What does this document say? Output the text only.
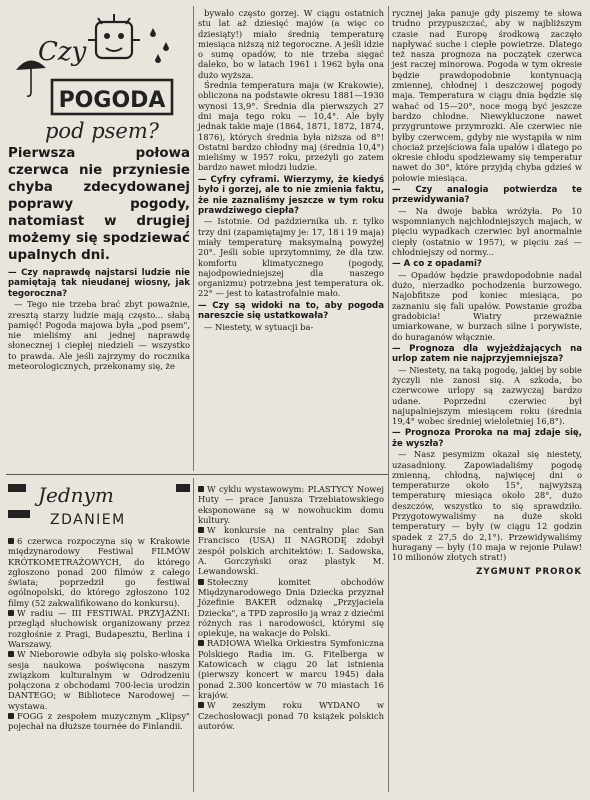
Czy
POGODA
pod psem?
Pierwsza połowa czerwca nie przyniesie chyba zdecydowanej poprawy pogody, natomiast w drugiej możemy się spodziewać upalnych dni.

— Czy naprawdę najstarsi ludzie nie pamiętają tak nieudanej wiosny, jak tegoroczna?

— Tego nie trzeba brać zbyt poważnie, zresztą starzy ludzie mają często... słabą pamięć! Pogoda majowa była „pod psem", nie mieliśmy ani jednej naprawdę słonecznej i ciepłej niedzieli — wszystko to prawda. Ale jeśli zajrzymy do rocznika meteorologicznych, przekonamy się, że

bywało często gorzej. W ciągu ostatnich stu lat aż dziesięć majów (a więc co dziesiąty!) miało średnią temperaturę miesiąca niższą niż tegoroczne. A jeśli idzie o sumę opadów, to nie trzeba sięgać daleko, bo w latach 1961 i 1962 była ona dużo wyższa.

Średnia temperatura maja (w Krakowie), obliczona na podstawie okresu 1881—1930 wynosi 13,9°. Średnia dla pierwszych 27 dni maja tego roku — 10,4°. Ale były jednak takie maje (1864, 1871, 1872, 1874, 1876), których średnia była niższa od 8°! Ostatni bardzo chłodny maj (średnia 10,4°) mieliśmy w 1957 roku, przeżyli go zatem bardzo nawet młodzi ludzie.

— Cyfry cyframi. Wierzymy, że kiedyś było i gorzej, ale to nie zmienia faktu, że nie zaznaliśmy jeszcze w tym roku prawdziwego ciepła?

— Istotnie. Od października ub. r. tylko trzy dni (zapamiętajmy je: 17, 18 i 19 maja) miały temperaturę maksymalną powyżej 20°. Jeśli sobie uprzytomnimy, że dla tzw. komfortu klimatycznego (pogody, najodpowiedniejszej dla naszego organizmu) potrzebna jest temperatura ok. 22° — jest to katastrofalnie mało.

— Czy są widoki na to, aby pogoda nareszcie się ustatkowała?

— Niestety, w sytuacji ba-

rycznej jaka panuje gdy piszemy te słowa trudno przypuszczać, aby w najbliższym czasie nad Europę środkową zaczęło napływać suche i ciepłe powietrze. Dlatego też nasza prognoza na początek czerwca jest raczej minorowa. Pogoda w tym okresie będzie prawdopodobnie kontynuacją zmiennej, chłodnej i deszczowej pogody maja. Temperatura w ciągu dnia będzie się wahać od 15—20°, noce mogą być jeszcze bardzo chłodne. Niewykluczone nawet przygruntowe przymrozki. Ale czerwiec nie byłby czerwcem, gdyby nie wystąpiła w nim chociaż przejściowa fala upałów i dlatego po okresie chłodu spodziewamy się temperatur nawet do 30°, które przyjdą chyba gdzieś w połowie miesiąca.

— Czy analogia potwierdza te przewidywania?

— Na dwoje babka wróżyła. Po 10 wspomnianych najchłodniejszych majach, w pięciu wypadkach czerwiec był anormalnie ciepły (ostatnio w 1957), w pięciu zaś — chłodniejszy od normy...

— A co z opadami?

— Opadów będzie prawdopodobnie nadal dużo, nierzadko pochodzenia burzowego. Najobfitsze pod koniec miesiąca, po zaznaniu się fali upałów. Powstanie groźba gradobicia! Wiatry przeważnie umiarkowane, w burzach silne i porywiste, do huraganów włącznie.

— Prognoza dla wyjeżdżających na urlop zatem nie najprzyjemniejsza?

— Niestety, na taką pogodę, jakiej by sobie życzyli nie zanosi się. A szkoda, bo czerwcowe urlopy są zazwyczaj bardzo udane. Poprzedni czerwiec był najupalniejszym miesiącem roku (średnia 19,4° wobec średniej wieloletniej 16,8°).

— Prognoza Proroka na maj zdaje się, że wyszła?

— Nasz pesymizm okazał się niestety, uzasadniony. Zapowiadaliśmy pogodę zmienną, chłodną, najwięcej dni o temperaturze około 15°, najwyższą temperaturę miesiąca około 28°, dużo deszczów, wszystko to się sprawdziło. Przygotowywaliśmy na duże skoki temperatury — były (w ciągu 12 godzin spadek z 27,5 do 2,1°). Przewidywaliśmy huragany — były (10 maja w rejonie Puław! 10 milionów złotych strat!)

ZYGMUNT PROROK
Jednym
ZDANIEM

6 czerwca rozpoczyna się w Krakowie międzynarodowy Festiwal FILMÓW KRÓTKOMETRAŻOWYCH, do którego zgłoszono ponad 200 filmów z całego świata; poprzedził go festiwal ogólnopolski, do którego zgłoszono 102 filmy (52 zakwalifikowano do konkursu).

W radiu — III FESTIWAL PRZYJAŹNI: przegląd słuchowisk organizowany przez rozgłośnie z Pragi, Budapesztu, Berlina i Warszawy.

W Nieborowie odbyła się polsko-włoska sesja naukowa poświęcona naszym związkom kulturalnym w Odrodzeniu połączona z obchodami 700-lecia urodzin DANTEGO; w Bibliotece Narodowej — wystawa.

FOGG z zespołem muzycznym „Klipsy" pojechał na dłuższe tournée do Finlandii.

W cyklu wystawowym: PLASTYCY Nowej Huty — prace Janusza Trzebiatowskiego eksponowane są w nowohuckim domu kultury.

W konkursie na centralny plac San Francisco (USA) II NAGRODĘ zdobył zespół polskich architektów: I. Sadowska, A. Gorczyński oraz plastyk M. Lewandowski.

Stołeczny komitet obchodów Międzynarodowego Dnia Dziecka przyznał Józefinie BAKER odznakę „Przyjaciela Dziecka", a TPD zaprosiło ją wraz z dziećmi różnych ras i narodowości, którymi się opiekuje, na wakacje do Polski.

RADIOWA Wielka Orkiestra Symfoniczna Polskiego Radia im. G. Fitelberga w Katowicach w ciągu 20 lat istnienia (pierwszy koncert w marcu 1945) dała ponad 2.300 koncertów w 70 miastach 16 krajów.

W zeszłym roku WYDANO w Czechosłowacji ponad 70 książek polskich autorów.
